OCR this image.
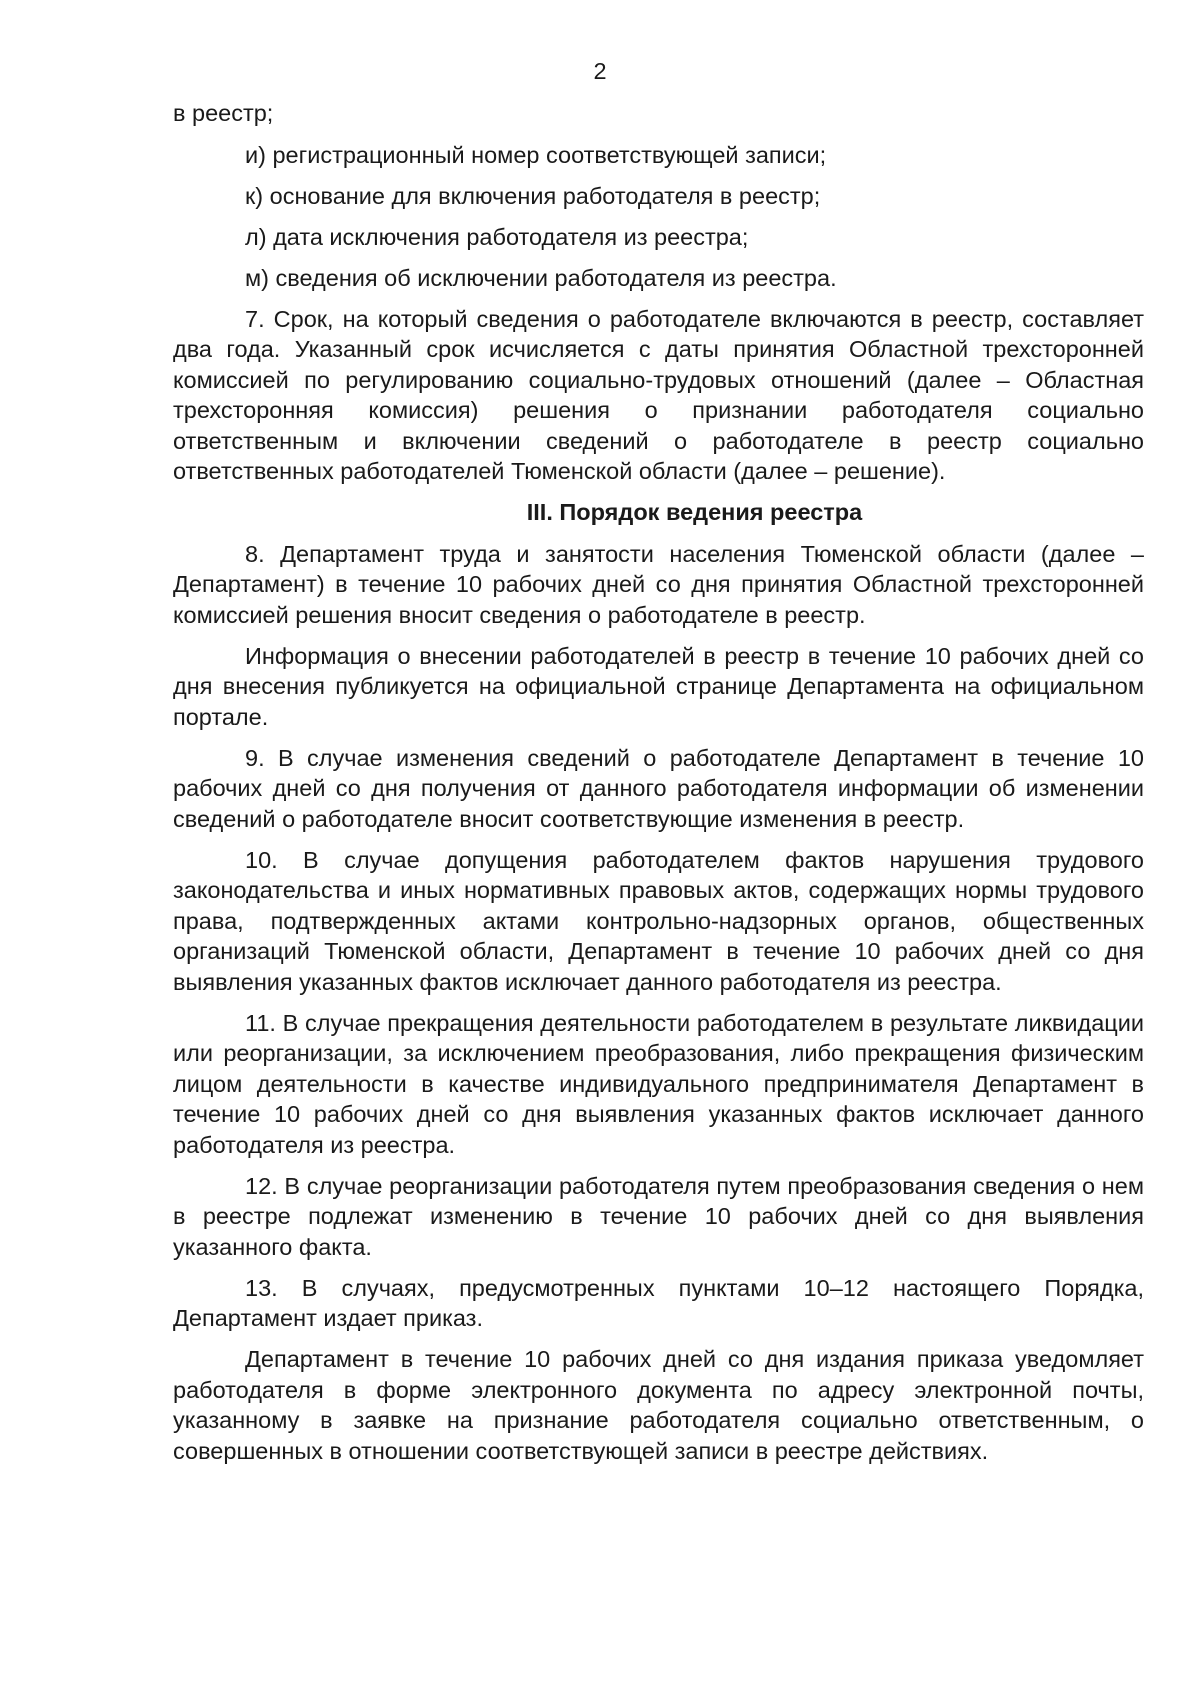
2

в реестр;

и) регистрационный номер соответствующей записи;

к) основание для включения работодателя в реестр;

л) дата исключения работодателя из реестра;

м) сведения об исключении работодателя из реестра.

7. Срок, на который сведения о работодателе включаются в реестр, составляет два года. Указанный срок исчисляется с даты принятия Областной трехсторонней комиссией по регулированию социально-трудовых отношений (далее – Областная трехсторонняя комиссия) решения о признании работодателя социально ответственным и включении сведений о работодателе в реестр социально ответственных работодателей Тюменской области (далее – решение).

III. Порядок ведения реестра

8. Департамент труда и занятости населения Тюменской области (далее – Департамент) в течение 10 рабочих дней со дня принятия Областной трехсторонней комиссией решения вносит сведения о работодателе в реестр.

Информация о внесении работодателей в реестр в течение 10 рабочих дней со дня внесения публикуется на официальной странице Департамента на официальном портале.

9. В случае изменения сведений о работодателе Департамент в течение 10 рабочих дней со дня получения от данного работодателя информации об изменении сведений о работодателе вносит соответствующие изменения в реестр.

10. В случае допущения работодателем фактов нарушения трудового законодательства и иных нормативных правовых актов, содержащих нормы трудового права, подтвержденных актами контрольно-надзорных органов, общественных организаций Тюменской области, Департамент в течение 10 рабочих дней со дня выявления указанных фактов исключает данного работодателя из реестра.

11. В случае прекращения деятельности работодателем в результате ликвидации или реорганизации, за исключением преобразования, либо прекращения физическим лицом деятельности в качестве индивидуального предпринимателя Департамент в течение 10 рабочих дней со дня выявления указанных фактов исключает данного работодателя из реестра.

12. В случае реорганизации работодателя путем преобразования сведения о нем в реестре подлежат изменению в течение 10 рабочих дней со дня выявления указанного факта.

13. В случаях, предусмотренных пунктами 10–12 настоящего Порядка, Департамент издает приказ.

Департамент в течение 10 рабочих дней со дня издания приказа уведомляет работодателя в форме электронного документа по адресу электронной почты, указанному в заявке на признание работодателя социально ответственным, о совершенных в отношении соответствующей записи в реестре действиях.
